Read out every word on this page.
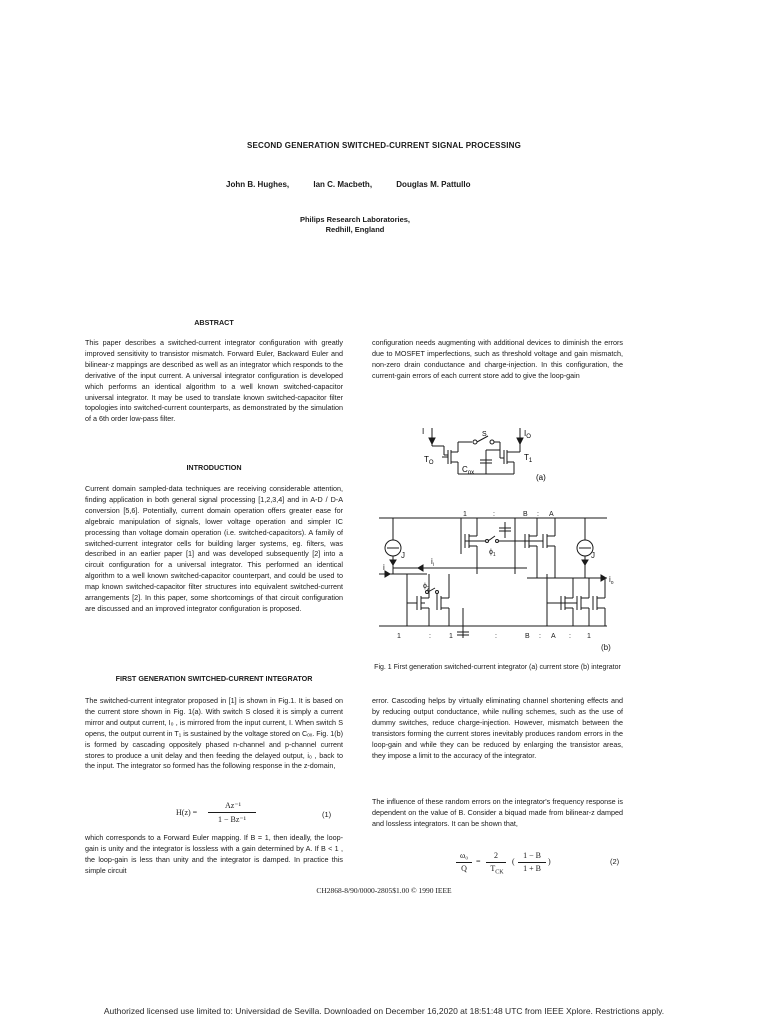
SECOND GENERATION SWITCHED-CURRENT SIGNAL PROCESSING
John B. Hughes,	Ian C. Macbeth,	Douglas M. Pattullo
Philips Research Laboratories,
Redhill, England
ABSTRACT

This paper describes a switched-current integrator configuration with greatly improved sensitivity to transistor mismatch. Forward Euler, Backward Euler and bilinear-z mappings are described as well as an integrator which responds to the derivative of the input current. A universal integrator configuration is developed which performs an identical algorithm to a well known switched-capacitor universal integrator. It may be used to translate known switched-capacitor filter topologies into switched-current counterparts, as demonstrated by the simulation of a 6th order low-pass filter.

INTRODUCTION

Current domain sampled-data techniques are receiving considerable attention, finding application in both general signal processing [1,2,3,4] and in A-D / D-A conversion [5,6]. Potentially, current domain operation offers greater ease for algebraic manipulation of signals, lower voltage operation and simpler IC processing than voltage domain operation (i.e. switched-capacitors). A family of switched-current integrator cells for building larger systems, eg. filters, was described in an earlier paper [1] and was developed subsequently [2] into a circuit configuration for a universal integrator. This performed an identical algorithm to a well known switched-capacitor counterpart, and could be used to map known switched-capacitor filter structures into equivalent switched-current arrangements [2]. In this paper, some shortcomings of that circuit configuration are discussed and an improved integrator configuration is proposed.

FIRST GENERATION SWITCHED-CURRENT INTEGRATOR

The switched-current integrator proposed in [1] is shown in Fig.1. It is based on the current store shown in Fig. 1(a). With switch S closed it is simply a current mirror and output current, I₀ , is mirrored from the input current, I. When switch S opens, the output current in T₁ is sustained by the voltage stored on Cₒₓ. Fig. 1(b) is formed by cascading oppositely phased n-channel and p-channel current stores to produce a unit delay and then feeding the delayed output, i₀ , back to the input. The integrator so formed has the following response in the z-domain,

H(z) =
Az⁻¹
1 − Bz⁻¹
(1)

which corresponds to a Forward Euler mapping. If B = 1, then ideally, the loop-gain is unity and the integrator is lossless with a gain determined by A. If B < 1 , the loop-gain is less than unity and the integrator is damped. In practice this simple circuit

configuration needs augmenting with additional devices to diminish the errors due to MOSFET imperfections, such as threshold voltage and gain mismatch, non-zero drain conductance and charge-injection. In this configuration, the current-gain errors of each current store add to give the loop-gain

I	$I_O$
S
$T_O$
$T_1$
$C_{ox}$	(a)
1	:	B : A
1	:	1	:	B : A : 1
J	J
i
$i_i$
$i_o$
$\phi_1$
$\phi_2$
(b)
Fig. 1 First generation switched-current integrator (a) current store (b) integrator

error. Cascoding helps by virtually eliminating channel shortening effects and by reducing output conductance, while nulling schemes, such as the use of dummy switches, reduce charge-injection. However, mismatch between the transistors forming the current stores inevitably produces random errors in the loop-gain and while they can be reduced by enlarging the transistor areas, they impose a limit to the accuracy of the integrator.

The influence of these random errors on the integrator's frequency response is dependent on the value of B. Consider a biquad made from bilinear-z damped and lossless integrators. It can be shown that,

ω₀
Q
=
2
$T_{CK}$
(
1 − B
1 + B
)	(2)
CH2868-8/90/0000-2805$1.00 © 1990 IEEE
Authorized licensed use limited to: Universidad de Sevilla. Downloaded on December 16,2020 at 18:51:48 UTC from IEEE Xplore. Restrictions apply.
